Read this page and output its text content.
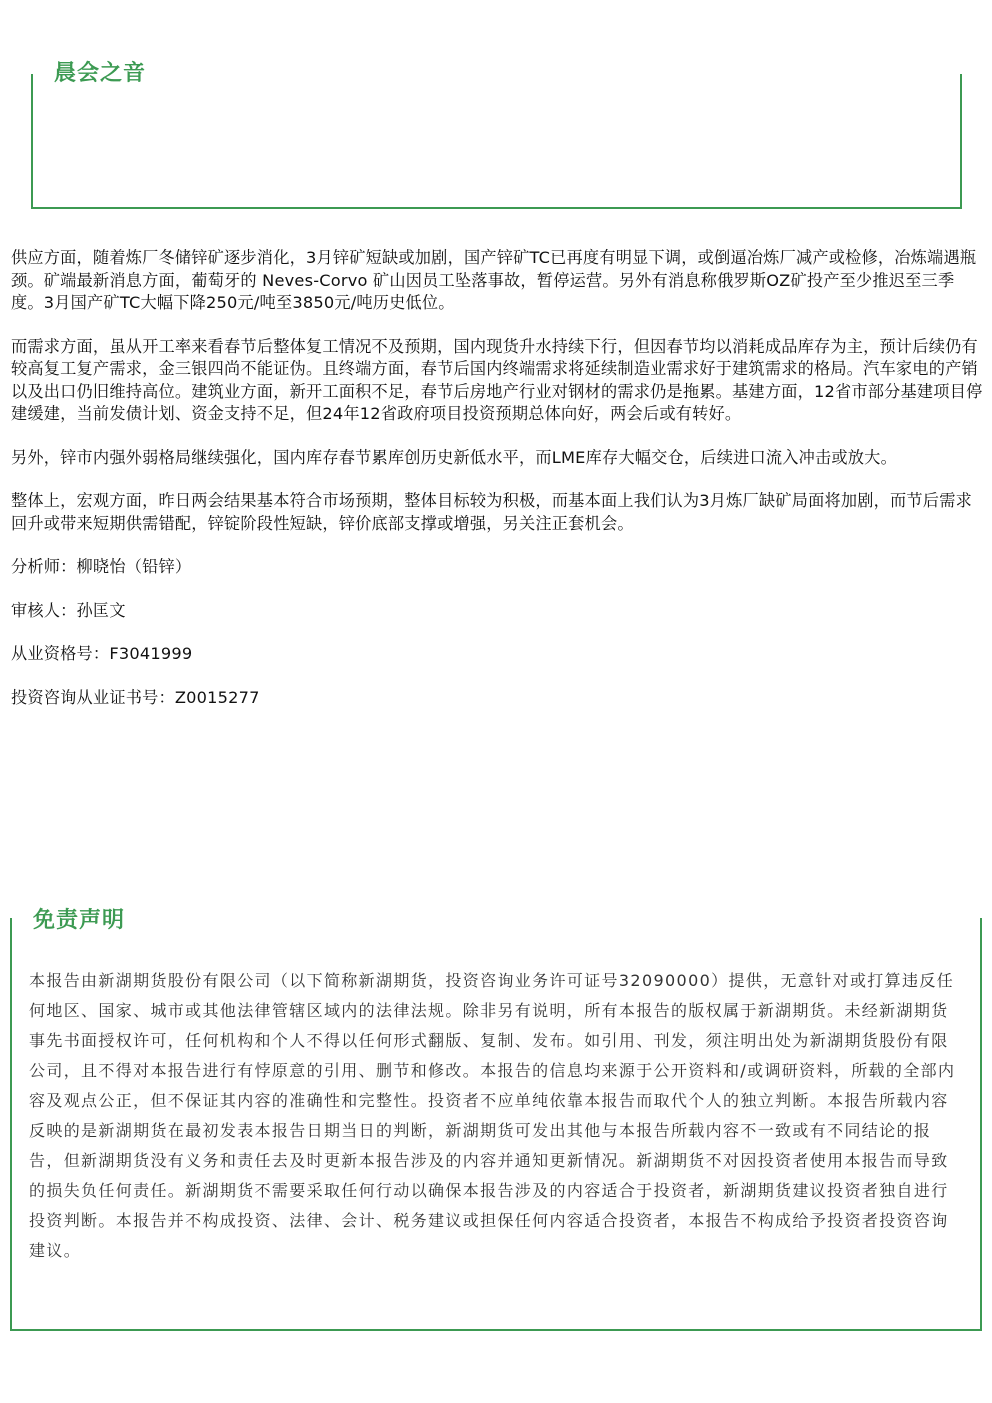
晨会之音

供应方面，随着炼厂冬储锌矿逐步消化，3月锌矿短缺或加剧，国产锌矿TC已再度有明显下调，或倒逼冶炼厂减产或检修，冶炼端遇瓶颈。矿端最新消息方面，葡萄牙的 Neves-Corvo 矿山因员工坠落事故，暂停运营。另外有消息称俄罗斯OZ矿投产至少推迟至三季度。3月国产矿TC大幅下降250元/吨至3850元/吨历史低位。

而需求方面，虽从开工率来看春节后整体复工情况不及预期，国内现货升水持续下行，但因春节均以消耗成品库存为主，预计后续仍有较高复工复产需求，金三银四尚不能证伪。且终端方面，春节后国内终端需求将延续制造业需求好于建筑需求的格局。汽车家电的产销以及出口仍旧维持高位。建筑业方面，新开工面积不足，春节后房地产行业对钢材的需求仍是拖累。基建方面，12省市部分基建项目停建缓建，当前发债计划、资金支持不足，但24年12省政府项目投资预期总体向好，两会后或有转好。

另外，锌市内强外弱格局继续强化，国内库存春节累库创历史新低水平，而LME库存大幅交仓，后续进口流入冲击或放大。

整体上，宏观方面，昨日两会结果基本符合市场预期，整体目标较为积极，而基本面上我们认为3月炼厂缺矿局面将加剧，而节后需求回升或带来短期供需错配，锌锭阶段性短缺，锌价底部支撑或增强，另关注正套机会。

分析师：柳晓怡（铅锌）

审核人：孙匡文

从业资格号：F3041999

投资咨询从业证书号：Z0015277

免责声明

本报告由新湖期货股份有限公司（以下简称新湖期货，投资咨询业务许可证号32090000）提供，无意针对或打算违反任何地区、国家、城市或其他法律管辖区域内的法律法规。除非另有说明，所有本报告的版权属于新湖期货。未经新湖期货事先书面授权许可，任何机构和个人不得以任何形式翻版、复制、发布。如引用、刊发，须注明出处为新湖期货股份有限公司，且不得对本报告进行有悖原意的引用、删节和修改。本报告的信息均来源于公开资料和/或调研资料，所载的全部内容及观点公正，但不保证其内容的准确性和完整性。投资者不应单纯依靠本报告而取代个人的独立判断。本报告所载内容反映的是新湖期货在最初发表本报告日期当日的判断，新湖期货可发出其他与本报告所载内容不一致或有不同结论的报告，但新湖期货没有义务和责任去及时更新本报告涉及的内容并通知更新情况。新湖期货不对因投资者使用本报告而导致的损失负任何责任。新湖期货不需要采取任何行动以确保本报告涉及的内容适合于投资者，新湖期货建议投资者独自进行投资判断。本报告并不构成投资、法律、会计、税务建议或担保任何内容适合投资者，本报告不构成给予投资者投资咨询建议。
